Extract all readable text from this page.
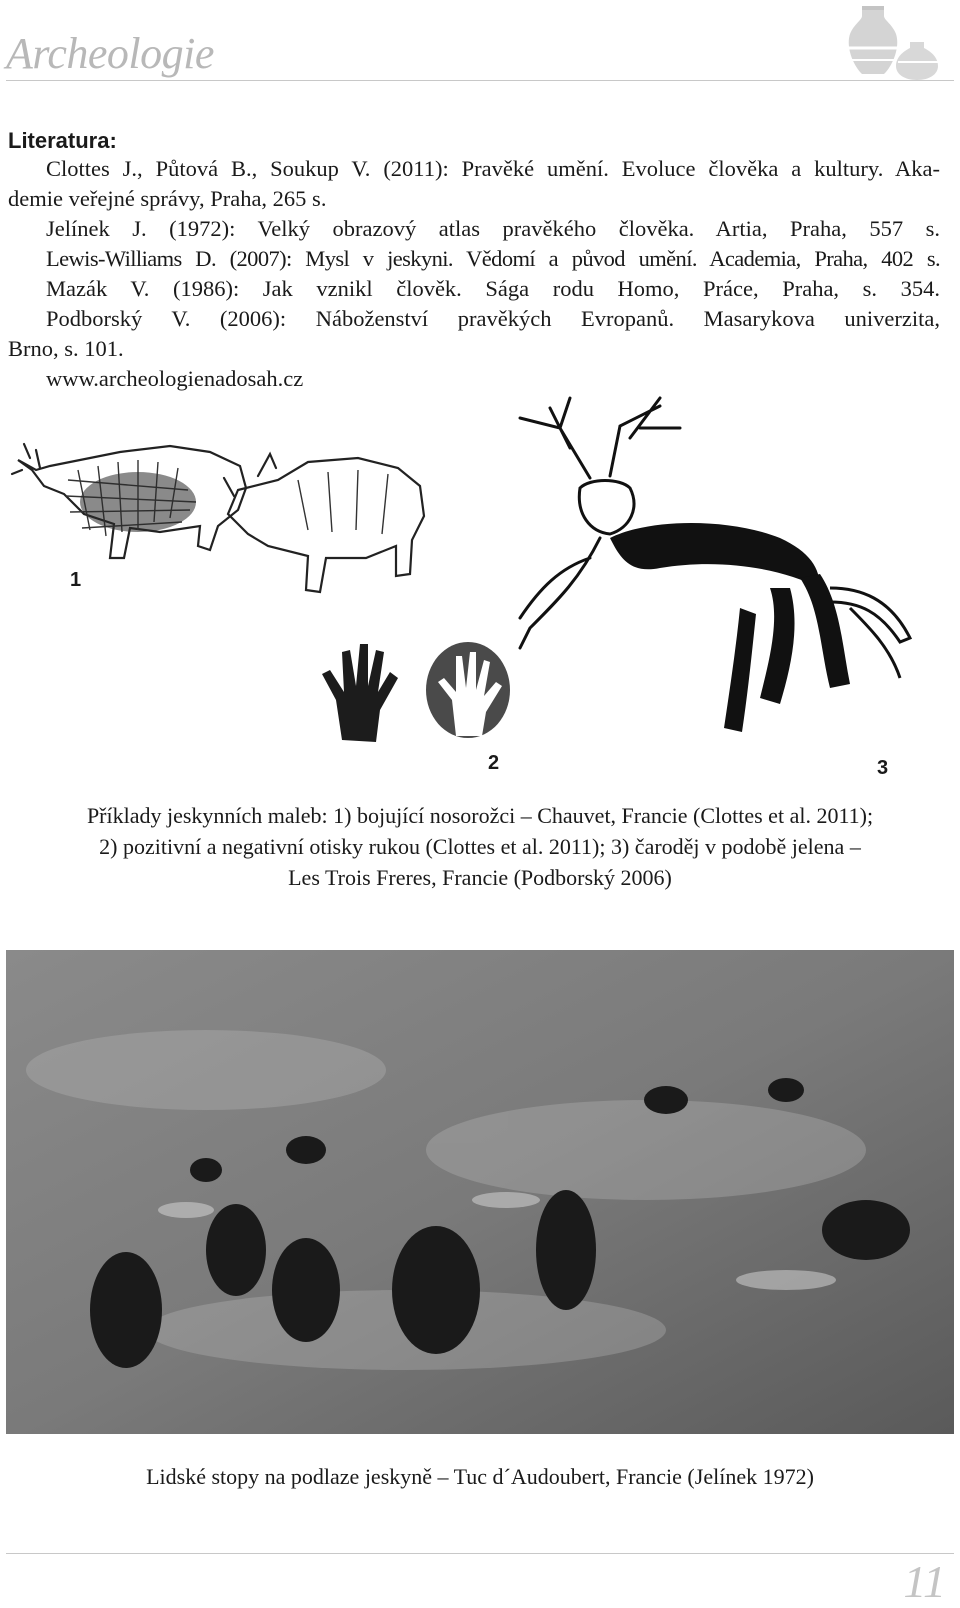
Archeologie
Literatura:
Clottes J., Půtová B., Soukup V. (2011): Pravěké umění. Evoluce člověka a kultury. Aka-
demie veřejné správy, Praha, 265 s.
Jelínek J. (1972): Velký obrazový atlas pravěkého člověka. Artia, Praha, 557 s.
Lewis-Williams D. (2007): Mysl v jeskyni. Vědomí a původ umění. Academia, Praha, 402 s.
Mazák V. (1986): Jak vznikl člověk. Sága rodu Homo, Práce, Praha, s. 354.
Podborský V. (2006): Náboženství pravěkých Evropanů. Masarykova univerzita,
Brno, s. 101.
www.archeologienadosah.cz
1
2	3
Příklady jeskynních maleb: 1) bojující nosorožci – Chauvet, Francie (Clottes et al. 2011);
2) pozitivní a negativní otisky rukou (Clottes et al. 2011); 3) čaroděj v podobě jelena –
Les Trois Freres, Francie (Podborský 2006)
Lidské stopy na podlaze jeskyně – Tuc d´Audoubert, Francie (Jelínek 1972)
11
